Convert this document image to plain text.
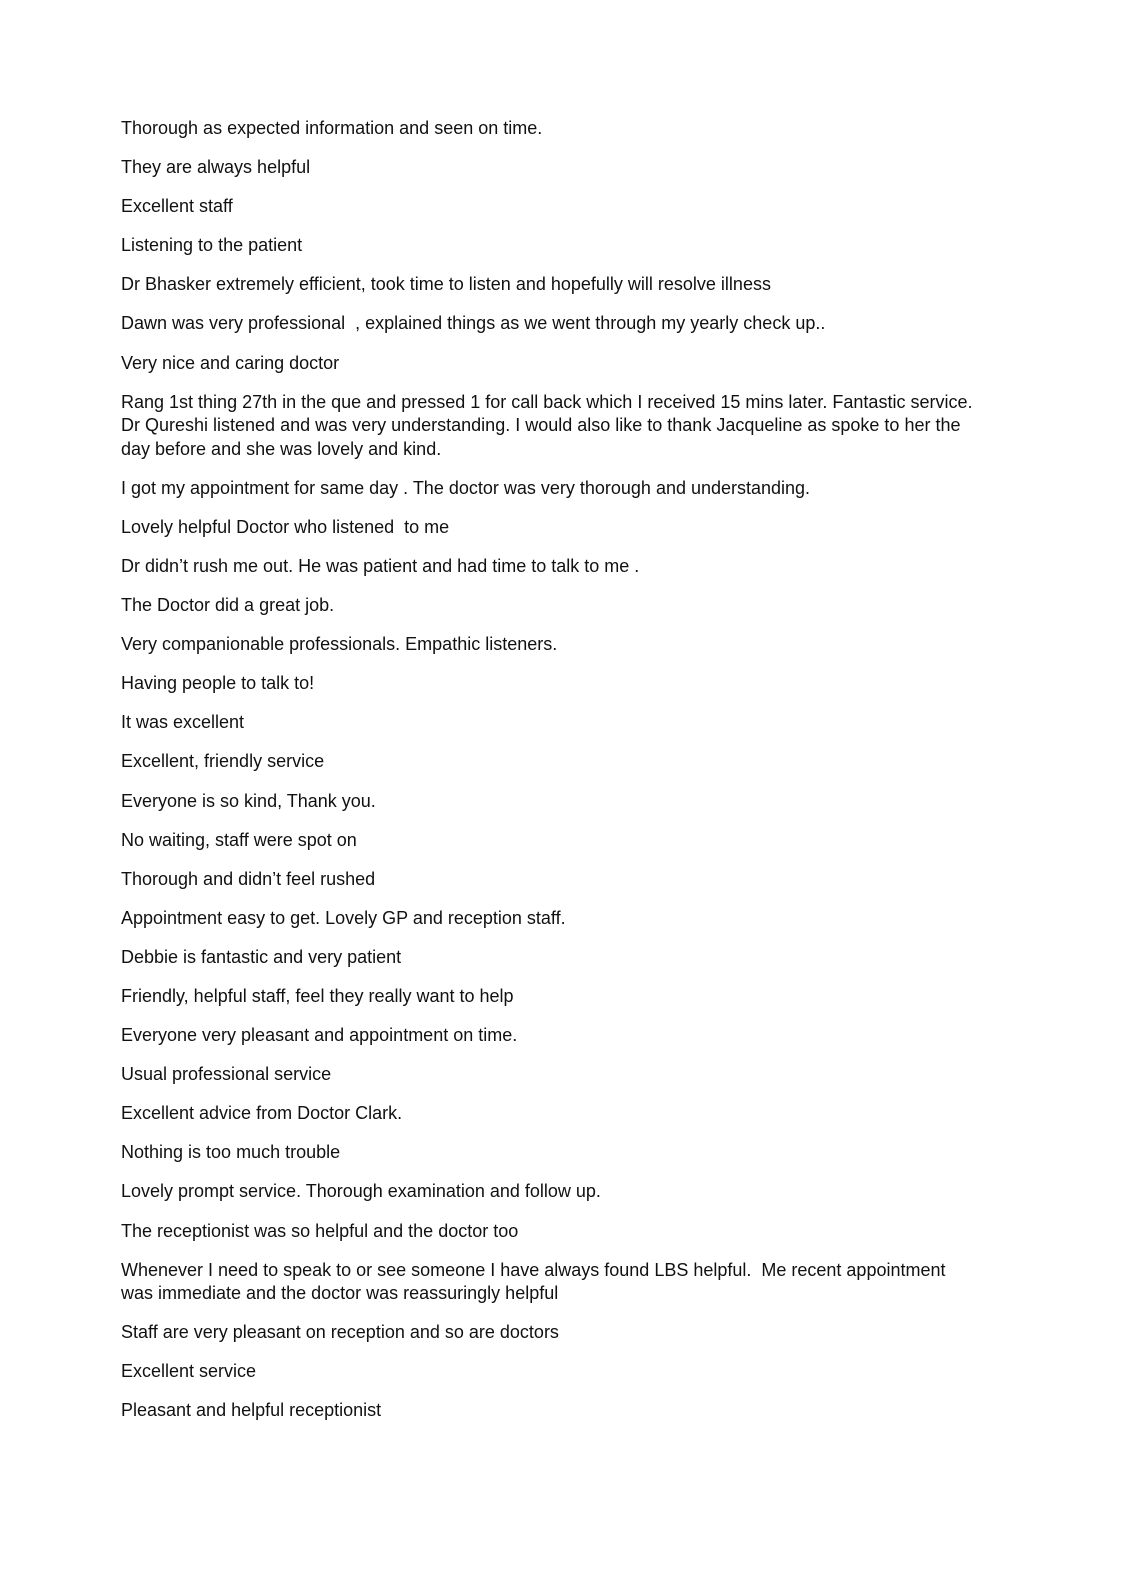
Thorough as expected information and seen on time.
They are always helpful
Excellent staff
Listening to the patient
Dr Bhasker extremely efficient, took time to listen and hopefully will resolve illness
Dawn was very professional  , explained things as we went through my yearly check up..
Very nice and caring doctor
Rang 1st thing 27th in the que and pressed 1 for call back which I received 15 mins later. Fantastic service. Dr Qureshi listened and was very understanding. I would also like to thank Jacqueline as spoke to her the day before and she was lovely and kind.
I got my appointment for same day . The doctor was very thorough and understanding.
Lovely helpful Doctor who listened  to me
Dr didn’t rush me out. He was patient and had time to talk to me .
The Doctor did a great job.
Very companionable professionals. Empathic listeners.
Having people to talk to!
It was excellent
Excellent, friendly service
Everyone is so kind, Thank you.
No waiting, staff were spot on
Thorough and didn’t feel rushed
Appointment easy to get. Lovely GP and reception staff.
Debbie is fantastic and very patient
Friendly, helpful staff, feel they really want to help
Everyone very pleasant and appointment on time.
Usual professional service
Excellent advice from Doctor Clark.
Nothing is too much trouble
Lovely prompt service. Thorough examination and follow up.
The receptionist was so helpful and the doctor too
Whenever I need to speak to or see someone I have always found LBS helpful.  Me recent appointment was immediate and the doctor was reassuringly helpful
Staff are very pleasant on reception and so are doctors
Excellent service
Pleasant and helpful receptionist
